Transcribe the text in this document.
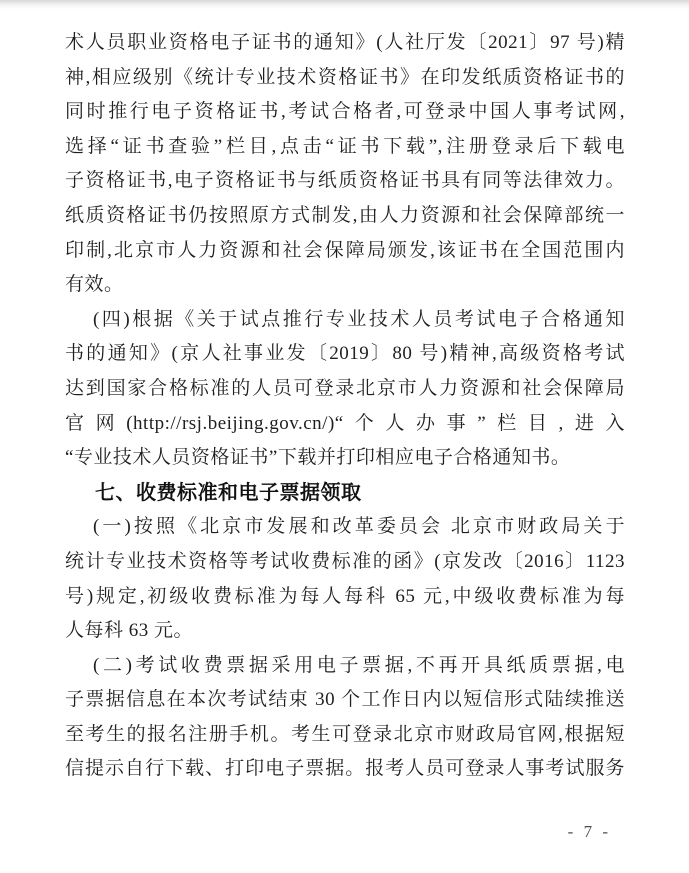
术人员职业资格电子证书的通知》(人社厅发〔2021〕97 号)精
神,相应级别《统计专业技术资格证书》在印发纸质资格证书的
同时推行电子资格证书,考试合格者,可登录中国人事考试网,
选择“证书查验”栏目,点击“证书下载”,注册登录后下载电
子资格证书,电子资格证书与纸质资格证书具有同等法律效力。
纸质资格证书仍按照原方式制发,由人力资源和社会保障部统一
印制,北京市人力资源和社会保障局颁发,该证书在全国范围内
有效。
(四)根据《关于试点推行专业技术人员考试电子合格通知
书的通知》(京人社事业发〔2019〕80 号)精神,高级资格考试
达到国家合格标准的人员可登录北京市人力资源和社会保障局
官网(http://rsj.beijing.gov.cn/)“个人办事”栏目,进入
“专业技术人员资格证书”下载并打印相应电子合格通知书。
七、收费标准和电子票据领取
(一)按照《北京市发展和改革委员会 北京市财政局关于
统计专业技术资格等考试收费标准的函》(京发改〔2016〕1123
号)规定,初级收费标准为每人每科 65 元,中级收费标准为每
人每科 63 元。
(二)考试收费票据采用电子票据,不再开具纸质票据,电
子票据信息在本次考试结束 30 个工作日内以短信形式陆续推送
至考生的报名注册手机。考生可登录北京市财政局官网,根据短
信提示自行下载、打印电子票据。报考人员可登录人事考试服务
- 7 -
